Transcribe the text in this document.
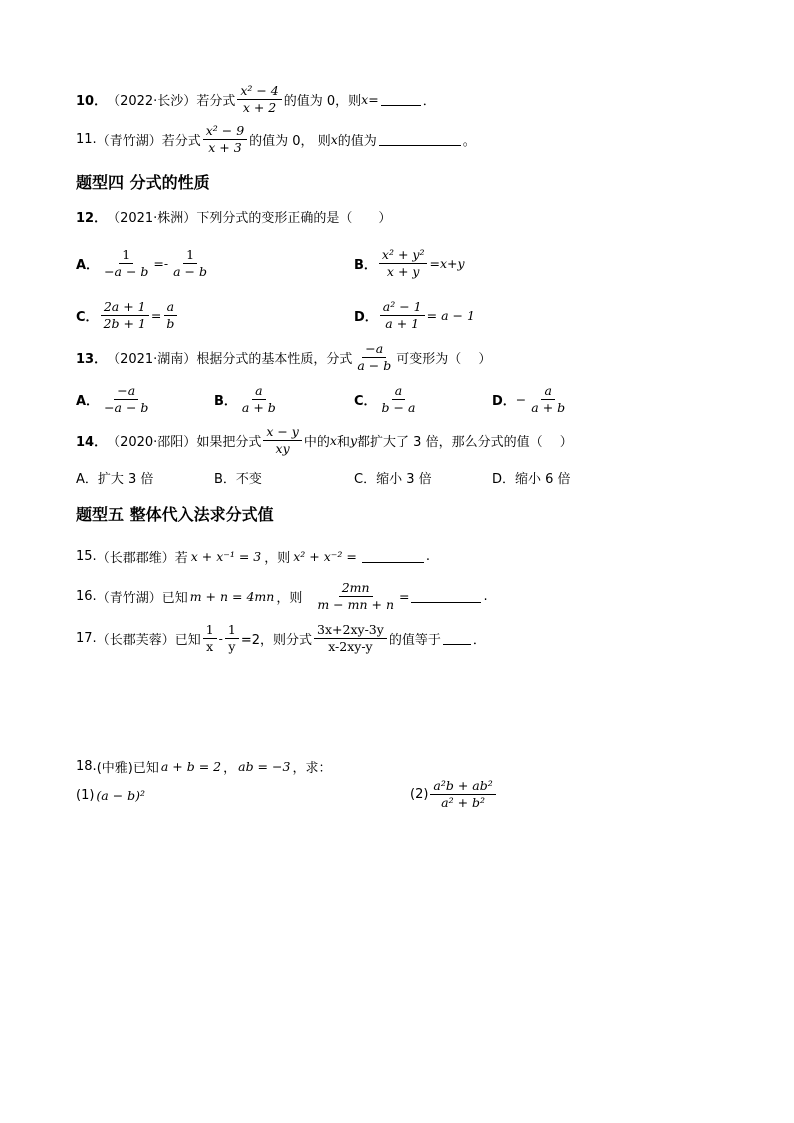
10． （2022·长沙） 若分式 $\frac{\text{x² − 4}}{x + 2}$ 的值为 0，则 x =	．
11. （青竹湖） 若分式 $\frac{\text{x² − 9}}{x + 3}$ 的值为 0， 则 x 的值为	。
题型四 分式的性质
12． （2021·株洲） 下列分式的变形正确的是（　　）
A． $\frac{1}{-a - b} =- \frac{1}{a - b}$	B． $\frac{\text{x² + y²}}{x + y} =x+y$
C． $\frac{2a + 1}{2b + 1} = \frac{a}{b}$	D． $\frac{\text{a² − 1}}{a + 1} = a - 1$
13． （2021·湖南） 根据分式的基本性质，分式 $\frac{-a}{a - b}$ 可变形为（　 ）
A． $\frac{-a}{-a - b}$	B． $\frac{a}{a + b}$	C． $\frac{a}{b - a}$	D． − $\frac{a}{a + b}$
14． （2020·邵阳） 如果把分式 $\frac{x - y}{xy}$ 中的 x 和 y 都扩大了 3 倍，那么分式的值（　 ）
A．扩大 3 倍	B．不变	C．缩小 3 倍	D．缩小 6 倍
题型五 整体代入法求分式值
15. （长郡郡维） 若 x + x⁻¹ = 3 ，则 x² + x⁻² =	.
16. （青竹湖） 已知 m + n = 4mn ，则 $\frac{2mn}{m - mn + n}$ =	.
17. （长郡芙蓉） 已知 $\frac{1}{x} - \frac{1}{y} =2$，则分式 $\frac{3x+2xy-3y}{x-2xy-y}$ 的值等于 ．
18. (中雅) 已知 a + b = 2 ， ab = −3 ，求：
(1) (a − b)²	$(2) \frac{\text{a²b + ab²}}{\text{a² + b²}}$
